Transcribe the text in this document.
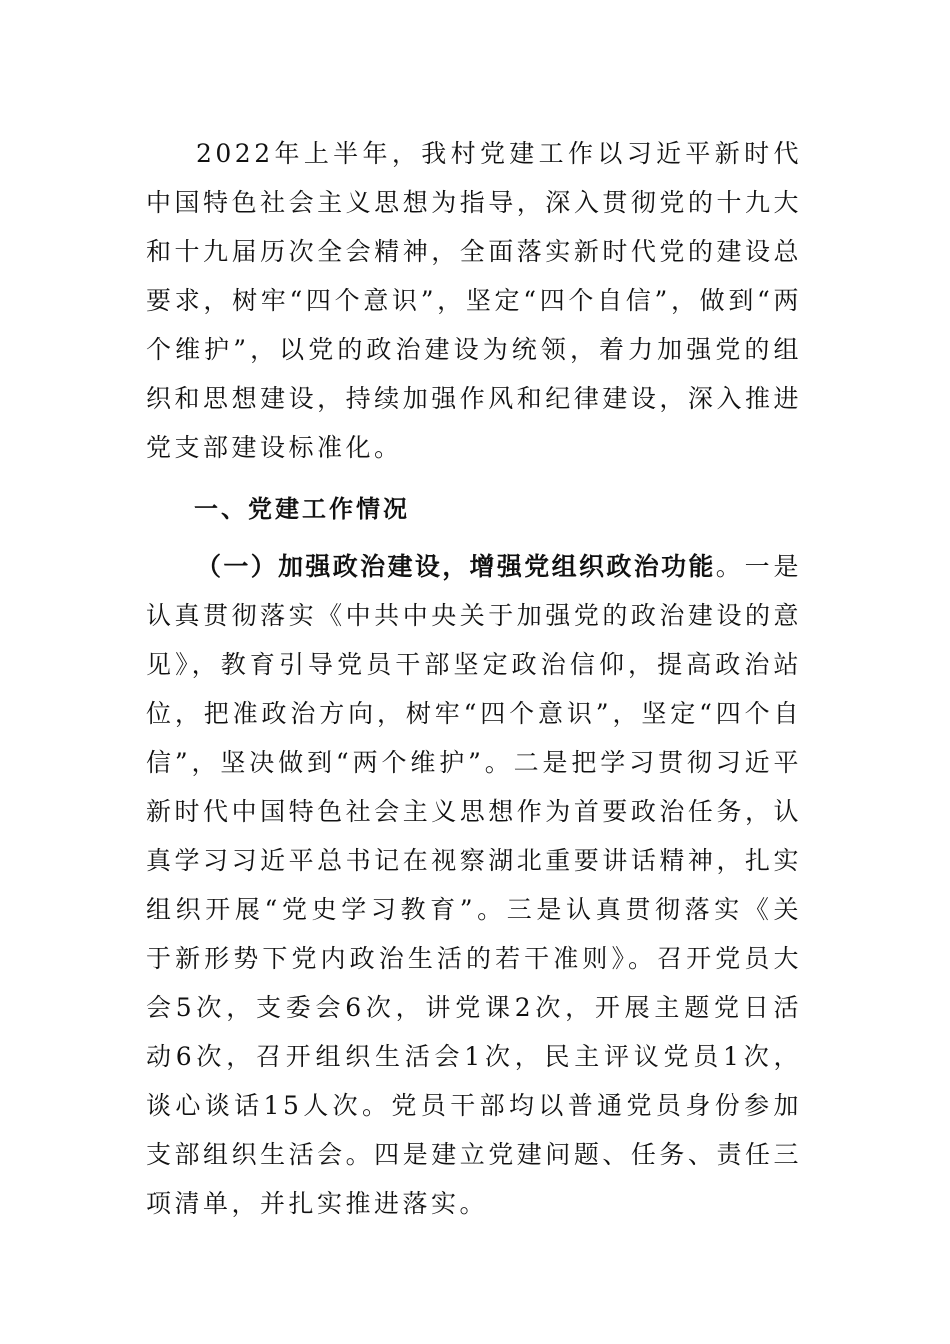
2022年上半年，我村党建工作以习近平新时代中国特色社会主义思想为指导，深入贯彻党的十九大和十九届历次全会精神，全面落实新时代党的建设总要求，树牢“四个意识”，坚定“四个自信”，做到“两个维护”，以党的政治建设为统领，着力加强党的组织和思想建设，持续加强作风和纪律建设，深入推进党支部建设标准化。

一、党建工作情况

（一）加强政治建设，增强党组织政治功能。一是认真贯彻落实《中共中央关于加强党的政治建设的意见》，教育引导党员干部坚定政治信仰，提高政治站位，把准政治方向，树牢“四个意识”，坚定“四个自信”，坚决做到“两个维护”。二是把学习贯彻习近平新时代中国特色社会主义思想作为首要政治任务，认真学习习近平总书记在视察湖北重要讲话精神，扎实组织开展“党史学习教育”。三是认真贯彻落实《关于新形势下党内政治生活的若干准则》。召开党员大会5次，支委会6次，讲党课2次，开展主题党日活动6次，召开组织生活会1次，民主评议党员1次，谈心谈话15人次。党员干部均以普通党员身份参加支部组织生活会。四是建立党建问题、任务、责任三项清单，并扎实推进落实。
